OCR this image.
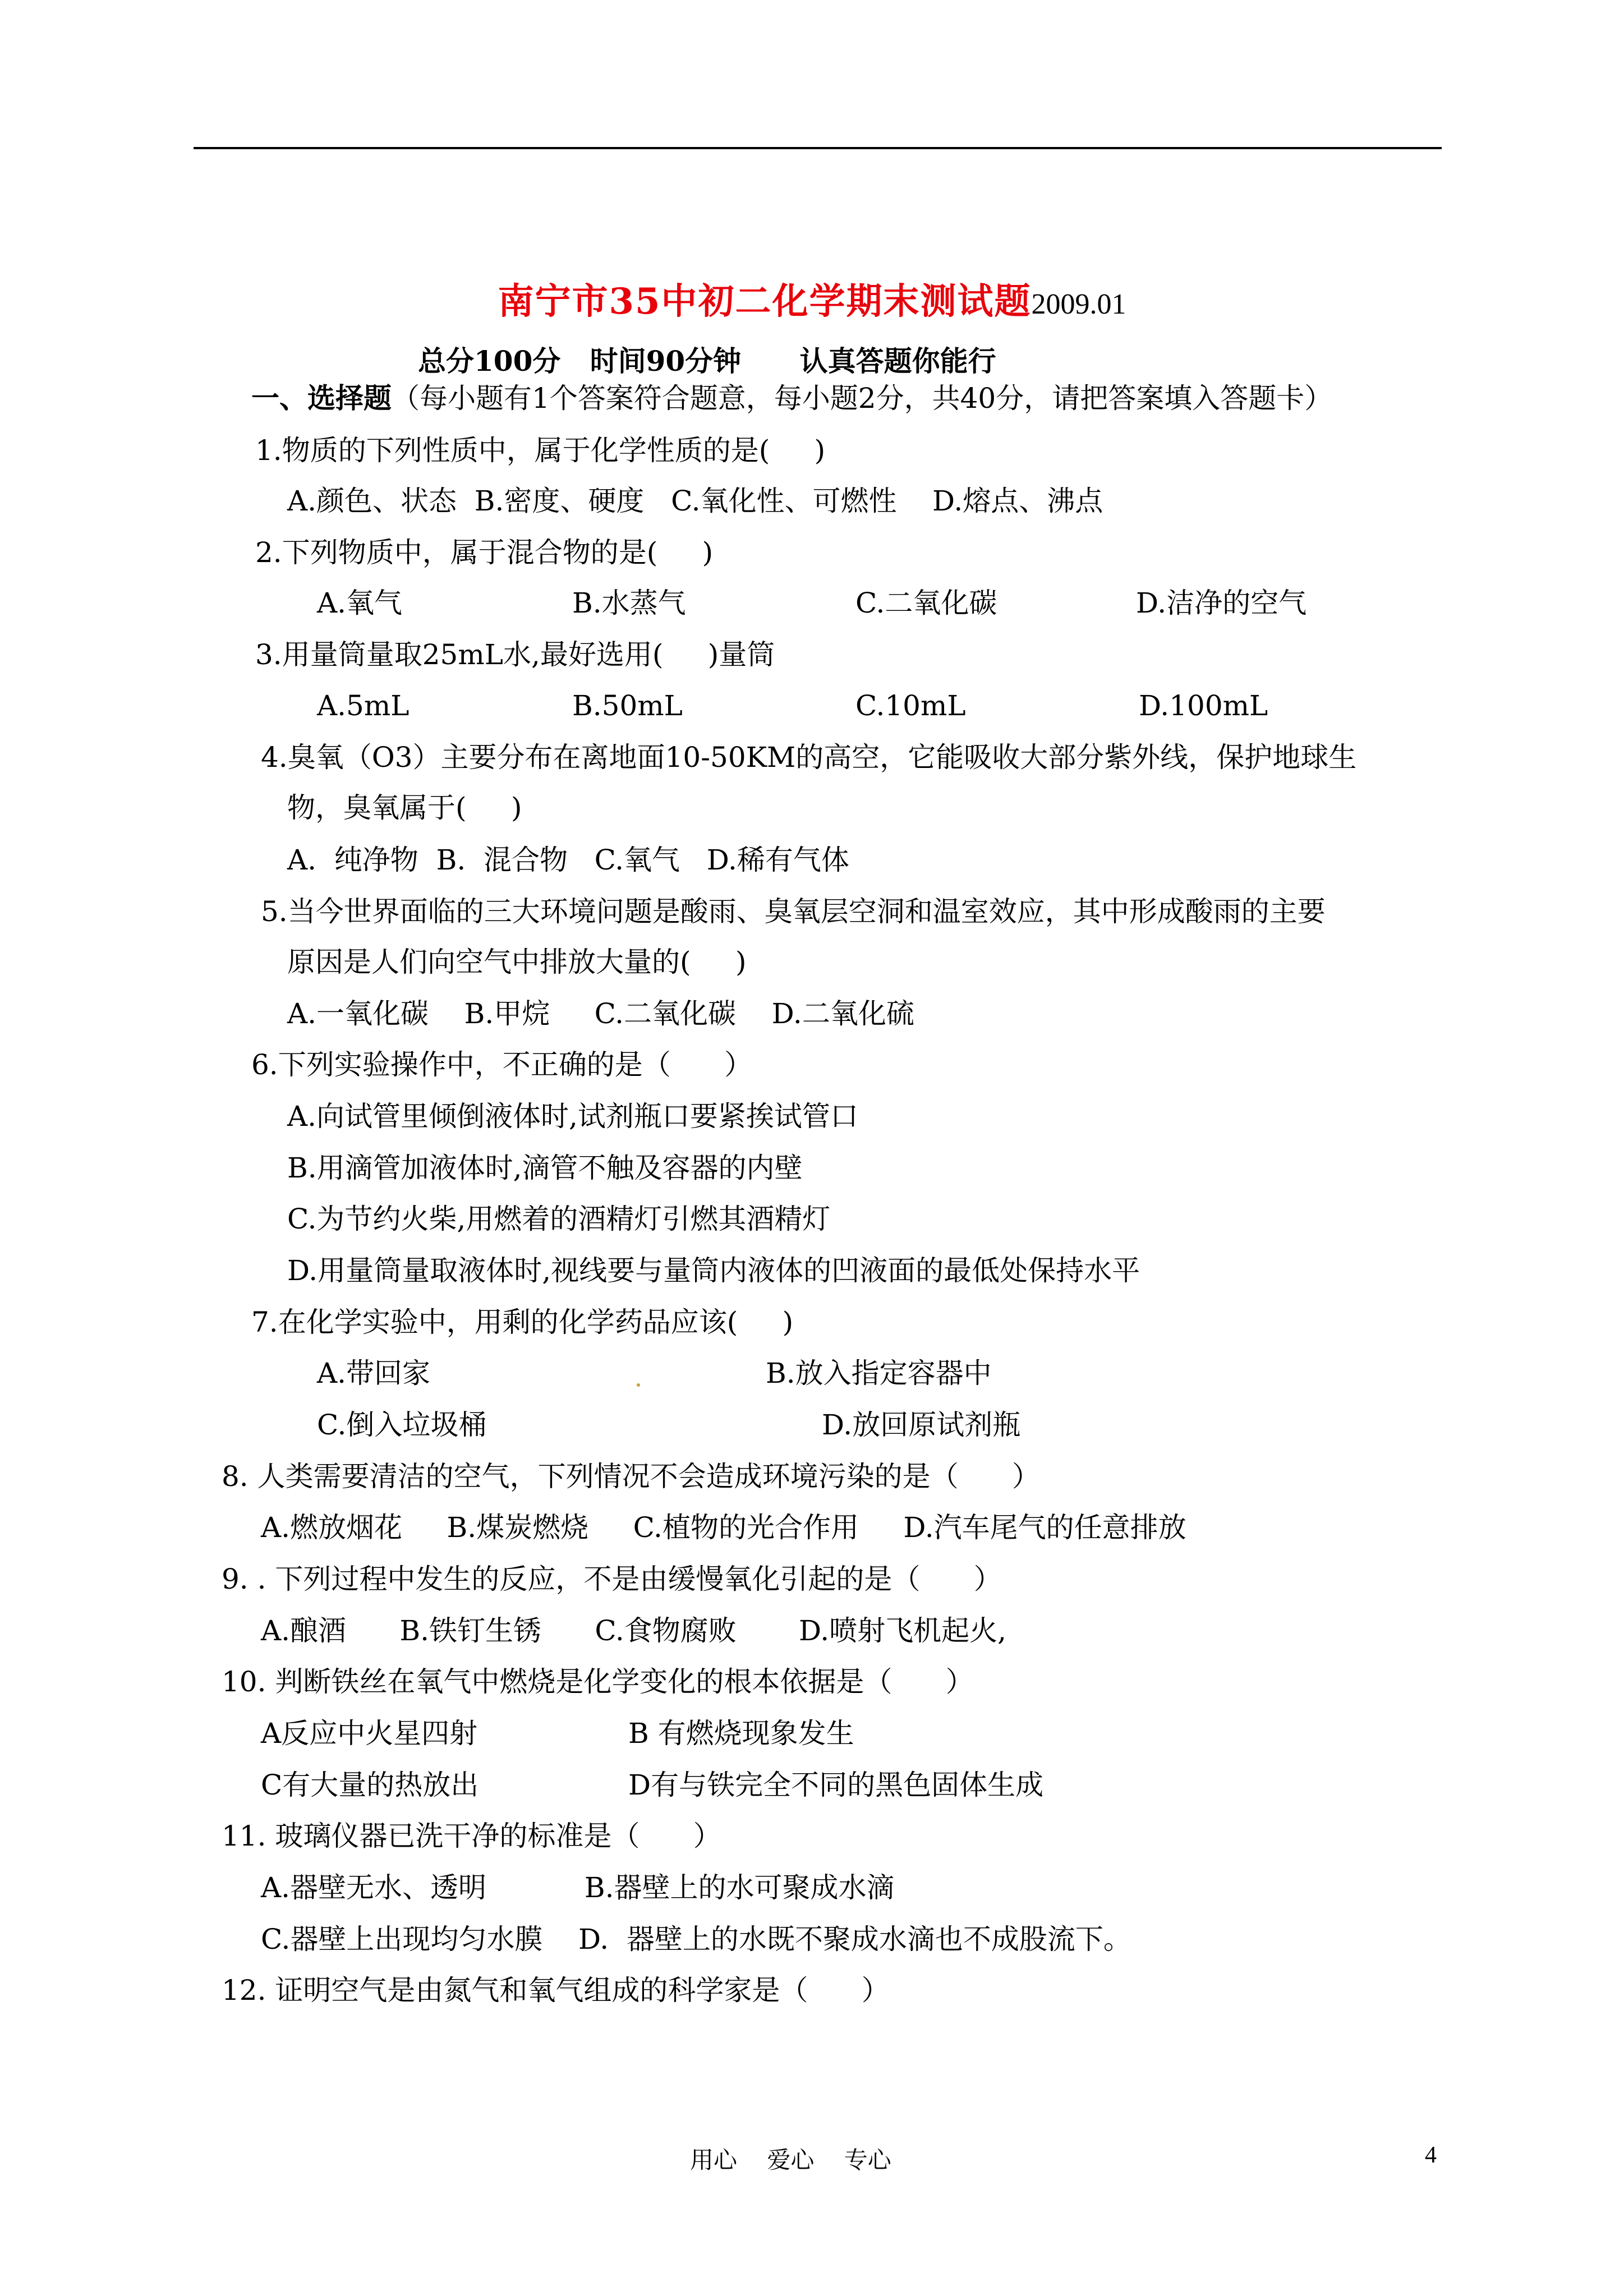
南宁市35中初二化学期末测试题2009.01
总分100分   时间90分钟      认真答题你能行
一、选择题（每小题有1个答案符合题意，每小题2分，共40分，请把答案填入答题卡）
1.物质的下列性质中，属于化学性质的是(     )
A.颜色、状态  B.密度、硬度   C.氧化性、可燃性    D.熔点、沸点
2.下列物质中，属于混合物的是(     )
A.氧气	B.水蒸气	C.二氧化碳	D.洁净的空气
3.用量筒量取25mL水,最好选用(     )量筒
A.5mL	B.50mL	C.10mL	D.100mL
4.臭氧（O3）主要分布在离地面10-50KM的高空，它能吸收大部分紫外线，保护地球生
物，臭氧属于(     )
A.  纯净物  B.  混合物   C.氧气   D.稀有气体
5.当今世界面临的三大环境问题是酸雨、臭氧层空洞和温室效应，其中形成酸雨的主要
原因是人们向空气中排放大量的(     )
A.一氧化碳    B.甲烷     C.二氧化碳    D.二氧化硫
6.下列实验操作中，不正确的是（      ）
A.向试管里倾倒液体时,试剂瓶口要紧挨试管口
B.用滴管加液体时,滴管不触及容器的内壁
C.为节约火柴,用燃着的酒精灯引燃其酒精灯
D.用量筒量取液体时,视线要与量筒内液体的凹液面的最低处保持水平
7.在化学实验中，用剩的化学药品应该(     )
A.带回家	B.放入指定容器中
C.倒入垃圾桶	D.放回原试剂瓶
8. 人类需要清洁的空气，下列情况不会造成环境污染的是（      ）
A.燃放烟花     B.煤炭燃烧     C.植物的光合作用     D.汽车尾气的任意排放
9. . 下列过程中发生的反应，不是由缓慢氧化引起的是（      ）
A.酿酒      B.铁钉生锈      C.食物腐败       D.喷射飞机起火,
10. 判断铁丝在氧气中燃烧是化学变化的根本依据是（      ）
A反应中火星四射	B 有燃烧现象发生
C有大量的热放出	D有与铁完全不同的黑色固体生成
11. 玻璃仪器已洗干净的标准是（      ）
A.器壁无水、透明           B.器壁上的水可聚成水滴
C.器壁上出现均匀水膜    D.  器壁上的水既不聚成水滴也不成股流下。
12. 证明空气是由氮气和氧气组成的科学家是（      ）
用心    爱心    专心	4
